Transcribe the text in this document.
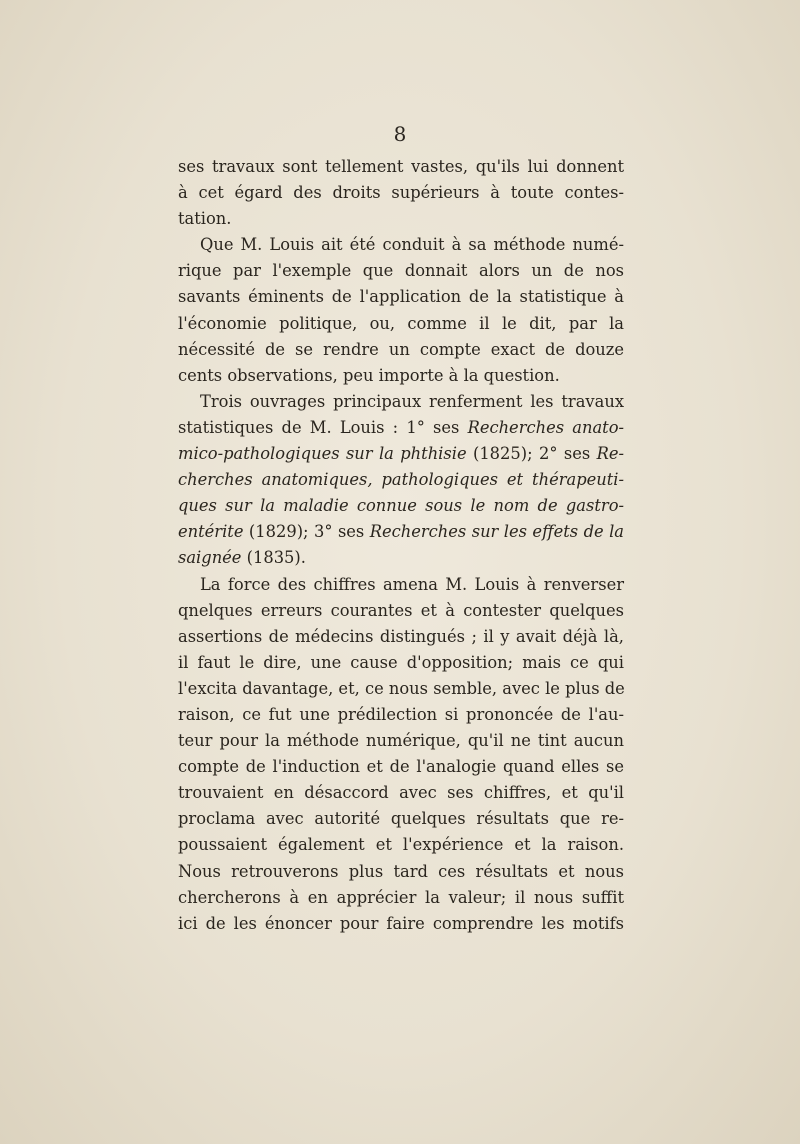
8
ses travaux sont tellement vastes, qu'ils lui donnent
à cet égard des droits supérieurs à toute contes-
tation.
Que M. Louis ait été conduit à sa méthode numé-
rique par l'exemple que donnait alors un de nos
savants éminents de l'application de la statistique à
l'économie politique, ou, comme il le dit, par la
nécessité de se rendre un compte exact de douze
cents observations, peu importe à la question.
Trois ouvrages principaux renferment les travaux
statistiques de M. Louis : 1° ses Recherches anato-
mico-pathologiques sur la phthisie (1825); 2° ses Re-
cherches anatomiques, pathologiques et thérapeuti-
ques sur la maladie connue sous le nom de gastro-
entérite (1829); 3° ses Recherches sur les effets de la
saignée (1835).
La force des chiffres amena M. Louis à renverser
qnelques erreurs courantes et à contester quelques
assertions de médecins distingués ; il y avait déjà là,
il faut le dire, une cause d'opposition; mais ce qui
l'excita davantage, et, ce nous semble, avec le plus de
raison, ce fut une prédilection si prononcée de l'au-
teur pour la méthode numérique, qu'il ne tint aucun
compte de l'induction et de l'analogie quand elles se
trouvaient en désaccord avec ses chiffres, et qu'il
proclama avec autorité quelques résultats que re-
poussaient également et l'expérience et la raison.
Nous retrouverons plus tard ces résultats et nous
chercherons à en apprécier la valeur; il nous suffit
ici de les énoncer pour faire comprendre les motifs
